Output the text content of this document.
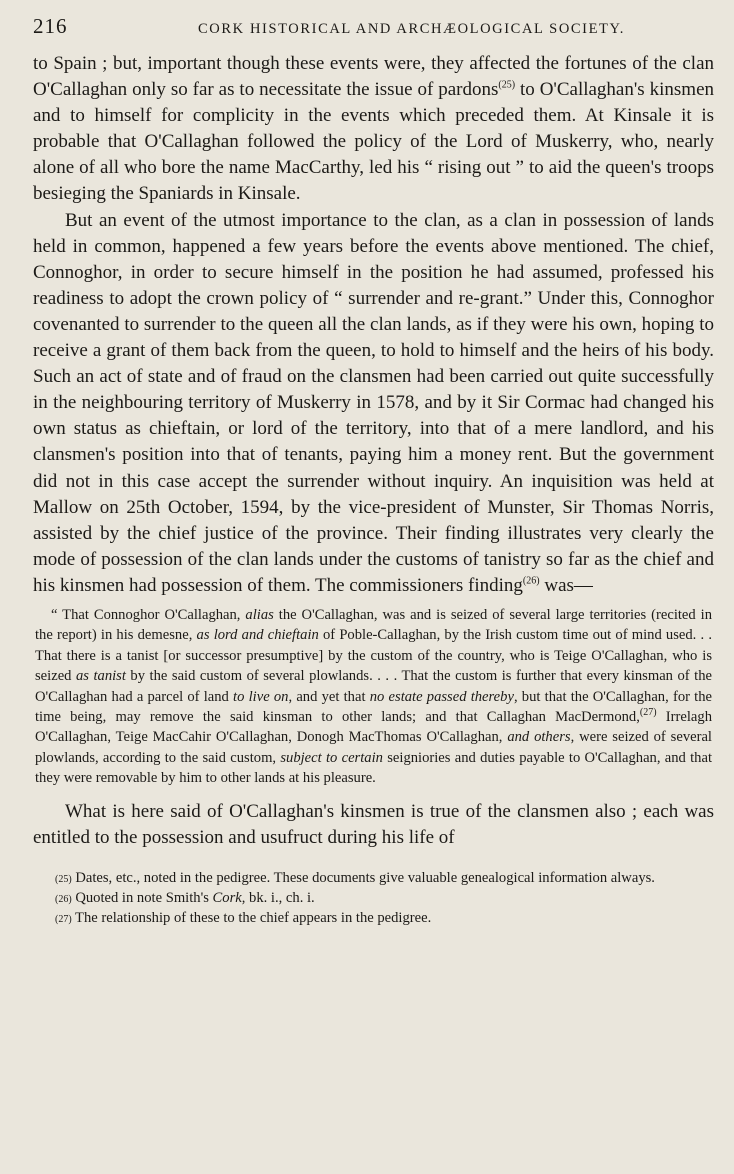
216	CORK HISTORICAL AND ARCHÆOLOGICAL SOCIETY.

to Spain ; but, important though these events were, they affected the fortunes of the clan O'Callaghan only so far as to necessitate the issue of pardons$^{(25)}$ to O'Callaghan's kinsmen and to himself for complicity in the events which preceded them. At Kinsale it is probable that O'Callaghan followed the policy of the Lord of Muskerry, who, nearly alone of all who bore the name MacCarthy, led his “ rising out ” to aid the queen's troops besieging the Spaniards in Kinsale.

But an event of the utmost importance to the clan, as a clan in possession of lands held in common, happened a few years before the events above mentioned. The chief, Connoghor, in order to secure himself in the position he had assumed, professed his readiness to adopt the crown policy of “ surrender and re-grant.” Under this, Connoghor covenanted to surrender to the queen all the clan lands, as if they were his own, hoping to receive a grant of them back from the queen, to hold to himself and the heirs of his body. Such an act of state and of fraud on the clansmen had been carried out quite successfully in the neighbouring territory of Muskerry in 1578, and by it Sir Cormac had changed his own status as chieftain, or lord of the territory, into that of a mere landlord, and his clansmen's position into that of tenants, paying him a money rent. But the government did not in this case accept the surrender without inquiry. An inquisition was held at Mallow on 25th October, 1594, by the vice-president of Munster, Sir Thomas Norris, assisted by the chief justice of the province. Their finding illustrates very clearly the mode of possession of the clan lands under the customs of tanistry so far as the chief and his kinsmen had possession of them. The commissioners finding$^{(26)}$ was—

“ That Connoghor O'Callaghan, alias the O'Callaghan, was and is seized of several large territories (recited in the report) in his demesne, as lord and chieftain of Poble-Callaghan, by the Irish custom time out of mind used. . . That there is a tanist [or successor presumptive] by the custom of the country, who is Teige O'Callaghan, who is seized as tanist by the said custom of several plowlands. . . . That the custom is further that every kinsman of the O'Callaghan had a parcel of land to live on, and yet that no estate passed thereby, but that the O'Callaghan, for the time being, may remove the said kinsman to other lands; and that Callaghan MacDermond,$^{(27)}$ Irrelagh O'Callaghan, Teige MacCahir O'Callaghan, Donogh MacThomas O'Callaghan, and others, were seized of several plowlands, according to the said custom, subject to certain seigniories and duties payable to O'Callaghan, and that they were removable by him to other lands at his pleasure.

What is here said of O'Callaghan's kinsmen is true of the clansmen also ; each was entitled to the possession and usufruct during his life of

(25) Dates, etc., noted in the pedigree. These documents give valuable genealogical information always.

(26) Quoted in note Smith's Cork, bk. i., ch. i.

(27) The relationship of these to the chief appears in the pedigree.
